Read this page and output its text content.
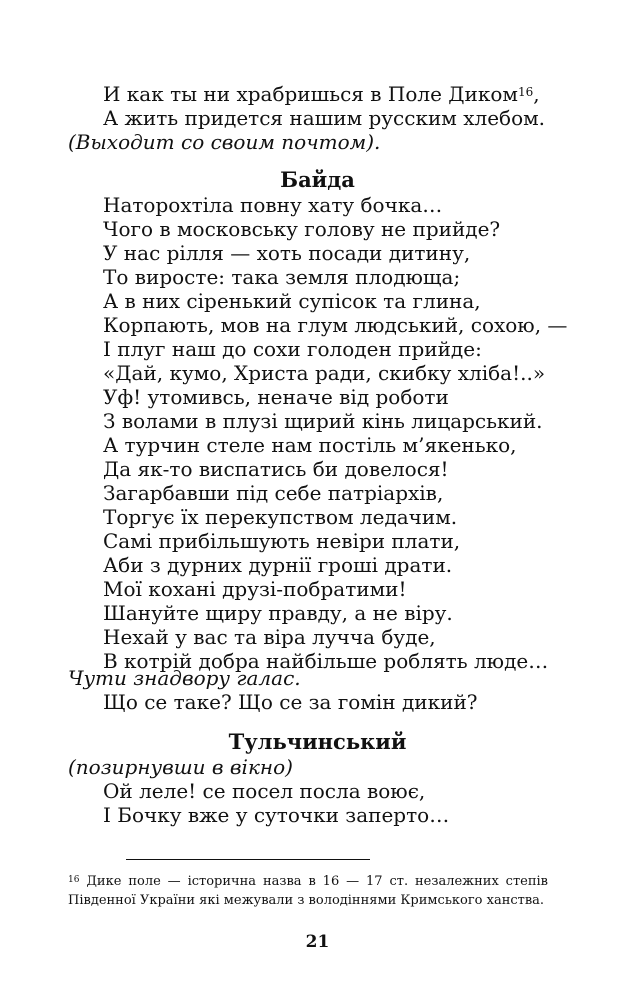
И как ты ни храбришься в Поле Диком$^{16}$,
А жить придется нашим русским хлебом.
(Выходит со своим почтом).
Байда
Наторохтіла повну хату бочка…
Чого в московську голову не прийде?
У нас рілля — хоть посади дитину,
То виросте: така земля плодюща;
А в них сіренький супісок та глина,
Корпають, мов на глум людський, сохою, —
І плуг наш до сохи голоден прийде:
«Дай, кумо, Христа ради, скибку хліба!..»
Уф! утомивсь, неначе від роботи
З волами в плузі щирий кінь лицарський.
А турчин стеле нам постіль м’якенько,
Да як-то виспатись би довелося!
Загарбавши під себе патріархів,
Торгує їх перекупством ледачим.
Самі прибільшують невіри плати,
Аби з дурних дурнії гроші драти.
Мої кохані друзі-побратими!
Шануйте щиру правду, а не віру.
Нехай у вас та віра лучча буде,
В котрій добра найбільше роблять люде…
Чути знадвору галас.
Що се таке? Що се за гомін дикий?
Тульчинський
(позирнувши в вікно)
Ой леле! се посел посла воює,
І Бочку вже у суточки заперто…
$^{16}$ Дике поле — історична назва в 16 — 17 ст. незалежних степів Південної України які межували з володіннями Кримського ханства.
21
